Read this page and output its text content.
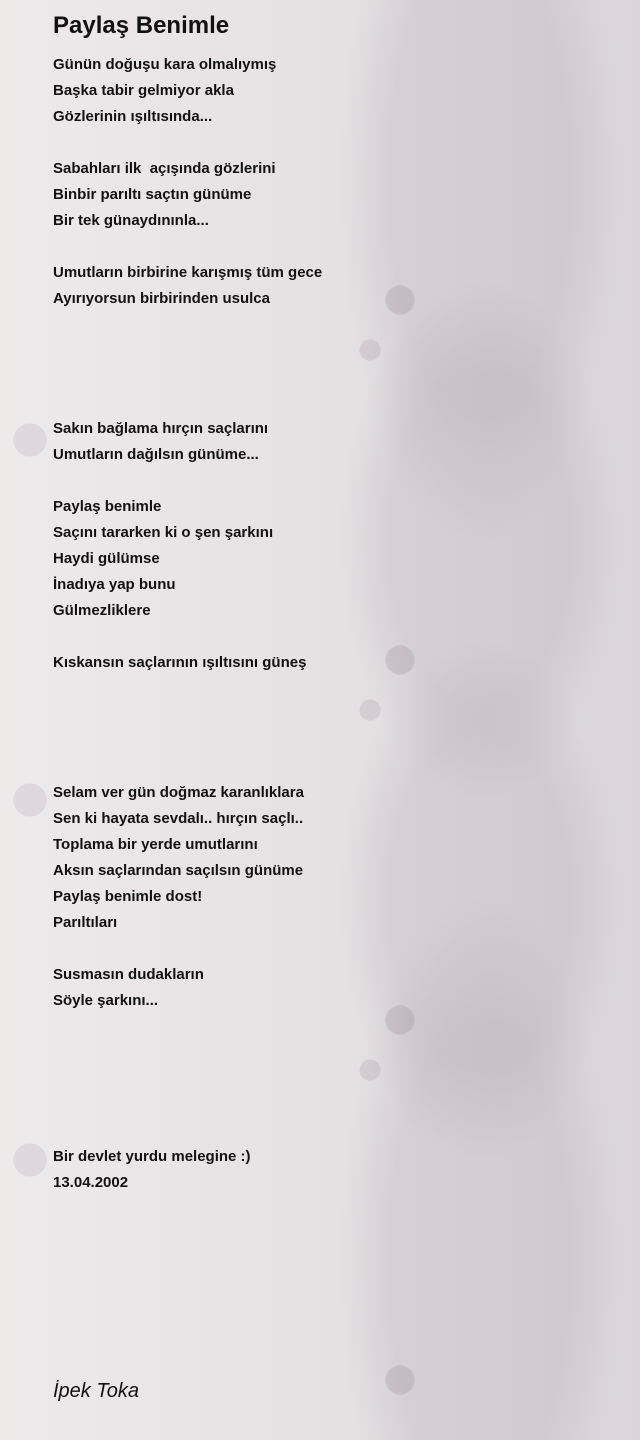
Paylaş Benimle
Günün doğuşu kara olmalıymış
Başka tabir gelmiyor akla
Gözlerinin ışıltısında...
Sabahları ilk  açışında gözlerini
Binbir parıltı saçtın günüme
Bir tek günaydınınla...
Umutların birbirine karışmış tüm gece
Ayırıyorsun birbirinden usulca
Sakın bağlama hırçın saçlarını
Umutların dağılsın günüme...
Paylaş benimle
Saçını tararken ki o şen şarkını
Haydi gülümse
İnadıya yap bunu
Gülmezliklere
Kıskansın saçlarının ışıltısını güneş
Selam ver gün doğmaz karanlıklara
Sen ki hayata sevdalı.. hırçın saçlı..
Toplama bir yerde umutlarını
Aksın saçlarından saçılsın günüme
Paylaş benimle dost!
Parıltıları
Susmasın dudakların
Söyle şarkını...
Bir devlet yurdu melegine :)
13.04.2002
İpek Toka
